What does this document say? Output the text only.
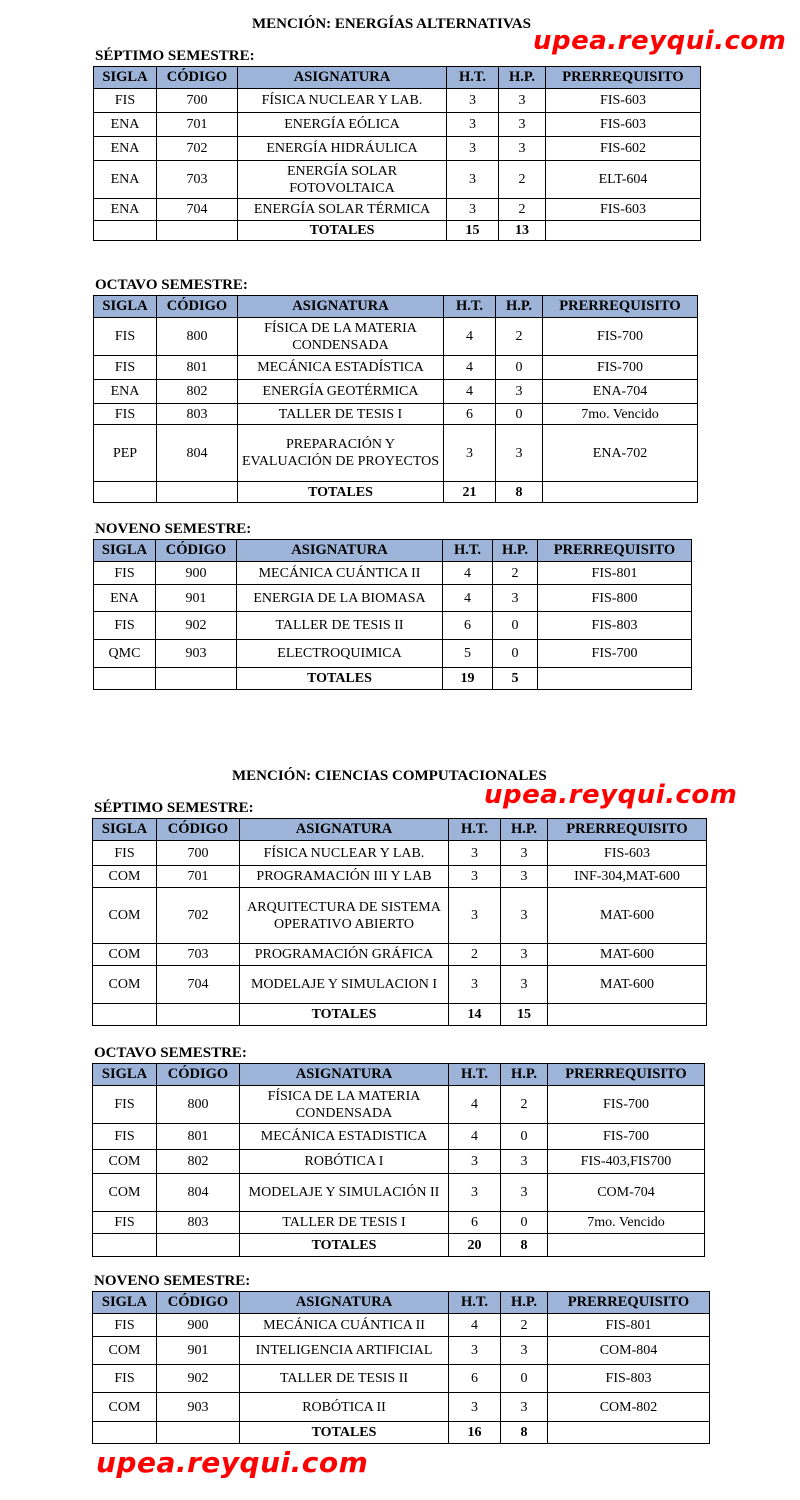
MENCIÓN: ENERGÍAS ALTERNATIVAS
upea.reyqui.com
SÉPTIMO SEMESTRE:
SIGLA	CÓDIGO	ASIGNATURA	H.T.	H.P.	PRERREQUISITO
FIS	700	FÍSICA NUCLEAR Y LAB.	3	3	FIS-603
ENA	701	ENERGÍA EÓLICA	3	3	FIS-603
ENA	702	ENERGÍA HIDRÁULICA	3	3	FIS-602
ENA	703	ENERGÍA SOLAR FOTOVOLTAICA	3	2	ELT-604
ENA	704	ENERGÍA SOLAR TÉRMICA	3	2	FIS-603
		TOTALES	15	13	
OCTAVO SEMESTRE:
SIGLA	CÓDIGO	ASIGNATURA	H.T.	H.P.	PRERREQUISITO
FIS	800	FÍSICA DE LA MATERIA CONDENSADA	4	2	FIS-700
FIS	801	MECÁNICA ESTADÍSTICA	4	0	FIS-700
ENA	802	ENERGÍA GEOTÉRMICA	4	3	ENA-704
FIS	803	TALLER DE TESIS I	6	0	7mo. Vencido
PEP	804	PREPARACIÓN Y EVALUACIÓN DE PROYECTOS	3	3	ENA-702
		TOTALES	21	8	
NOVENO SEMESTRE:
SIGLA	CÓDIGO	ASIGNATURA	H.T.	H.P.	PRERREQUISITO
FIS	900	MECÁNICA CUÁNTICA II	4	2	FIS-801
ENA	901	ENERGIA DE LA BIOMASA	4	3	FIS-800
FIS	902	TALLER DE TESIS II	6	0	FIS-803
QMC	903	ELECTROQUIMICA	5	0	FIS-700
		TOTALES	19	5	
MENCIÓN: CIENCIAS COMPUTACIONALES
upea.reyqui.com
SÉPTIMO SEMESTRE:
SIGLA	CÓDIGO	ASIGNATURA	H.T.	H.P.	PRERREQUISITO
FIS	700	FÍSICA NUCLEAR Y LAB.	3	3	FIS-603
COM	701	PROGRAMACIÓN III Y LAB	3	3	INF-304,MAT-600
COM	702	ARQUITECTURA DE SISTEMA OPERATIVO ABIERTO	3	3	MAT-600
COM	703	PROGRAMACIÓN GRÁFICA	2	3	MAT-600
COM	704	MODELAJE Y SIMULACION I	3	3	MAT-600
		TOTALES	14	15	
OCTAVO SEMESTRE:
SIGLA	CÓDIGO	ASIGNATURA	H.T.	H.P.	PRERREQUISITO
FIS	800	FÍSICA DE LA MATERIA CONDENSADA	4	2	FIS-700
FIS	801	MECÁNICA ESTADISTICA	4	0	FIS-700
COM	802	ROBÓTICA I	3	3	FIS-403,FIS700
COM	804	MODELAJE Y SIMULACIÓN II	3	3	COM-704
FIS	803	TALLER DE TESIS I	6	0	7mo. Vencido
		TOTALES	20	8	
NOVENO SEMESTRE:
SIGLA	CÓDIGO	ASIGNATURA	H.T.	H.P.	PRERREQUISITO
FIS	900	MECÁNICA CUÁNTICA II	4	2	FIS-801
COM	901	INTELIGENCIA ARTIFICIAL	3	3	COM-804
FIS	902	TALLER DE TESIS II	6	0	FIS-803
COM	903	ROBÓTICA II	3	3	COM-802
		TOTALES	16	8	
upea.reyqui.com
